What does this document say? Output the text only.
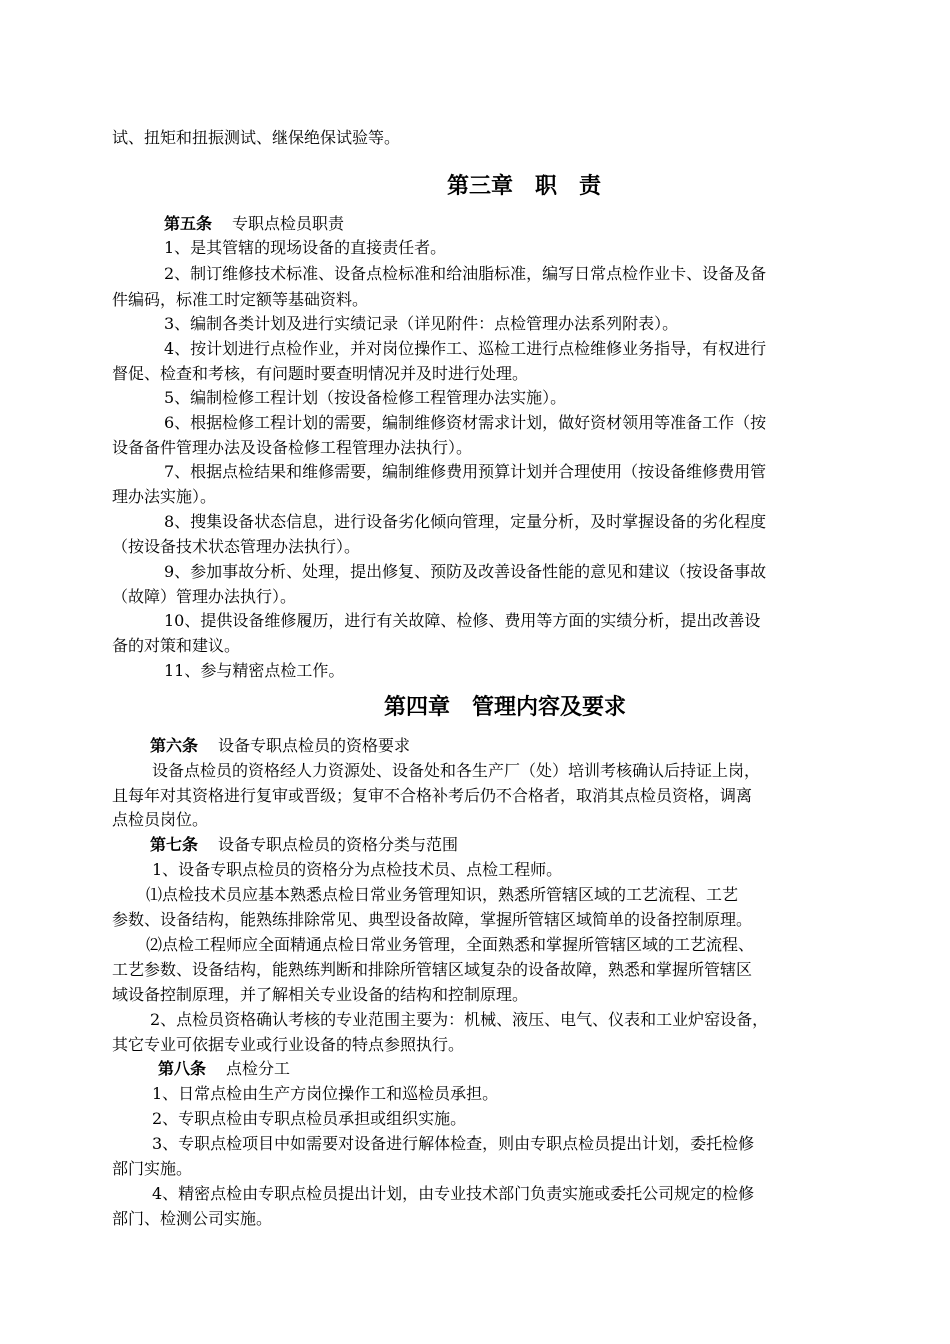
试、扭矩和扭振测试、继保绝保试验等。
第三章　职　责
第五条 专职点检员职责
1、是其管辖的现场设备的直接责任者。
2、制订维修技术标准、设备点检标准和给油脂标准，编写日常点检作业卡、设备及备
件编码，标准工时定额等基础资料。
3、编制各类计划及进行实绩记录（详见附件：点检管理办法系列附表）。
4、按计划进行点检作业，并对岗位操作工、巡检工进行点检维修业务指导，有权进行
督促、检查和考核，有问题时要查明情况并及时进行处理。
5、编制检修工程计划（按设备检修工程管理办法实施）。
6、根据检修工程计划的需要，编制维修资材需求计划，做好资材领用等准备工作（按
设备备件管理办法及设备检修工程管理办法执行）。
7、根据点检结果和维修需要，编制维修费用预算计划并合理使用（按设备维修费用管
理办法实施）。
8、搜集设备状态信息，进行设备劣化倾向管理，定量分析，及时掌握设备的劣化程度
（按设备技术状态管理办法执行）。
9、参加事故分析、处理，提出修复、预防及改善设备性能的意见和建议（按设备事故
（故障）管理办法执行）。
10、提供设备维修履历，进行有关故障、检修、费用等方面的实绩分析，提出改善设
备的对策和建议。
11、参与精密点检工作。
第四章　管理内容及要求
第六条 设备专职点检员的资格要求
设备点检员的资格经人力资源处、设备处和各生产厂（处）培训考核确认后持证上岗，
且每年对其资格进行复审或晋级；复审不合格补考后仍不合格者，取消其点检员资格，调离
点检员岗位。
第七条 设备专职点检员的资格分类与范围
1、设备专职点检员的资格分为点检技术员、点检工程师。
⑴点检技术员应基本熟悉点检日常业务管理知识，熟悉所管辖区域的工艺流程、工艺
参数、设备结构，能熟练排除常见、典型设备故障，掌握所管辖区域简单的设备控制原理。
⑵点检工程师应全面精通点检日常业务管理，全面熟悉和掌握所管辖区域的工艺流程、
工艺参数、设备结构，能熟练判断和排除所管辖区域复杂的设备故障，熟悉和掌握所管辖区
域设备控制原理，并了解相关专业设备的结构和控制原理。
2、点检员资格确认考核的专业范围主要为：机械、液压、电气、仪表和工业炉窑设备，
其它专业可依据专业或行业设备的特点参照执行。
第八条 点检分工
1、日常点检由生产方岗位操作工和巡检员承担。
2、专职点检由专职点检员承担或组织实施。
3、专职点检项目中如需要对设备进行解体检查，则由专职点检员提出计划，委托检修
部门实施。
4、精密点检由专职点检员提出计划，由专业技术部门负责实施或委托公司规定的检修
部门、检测公司实施。
